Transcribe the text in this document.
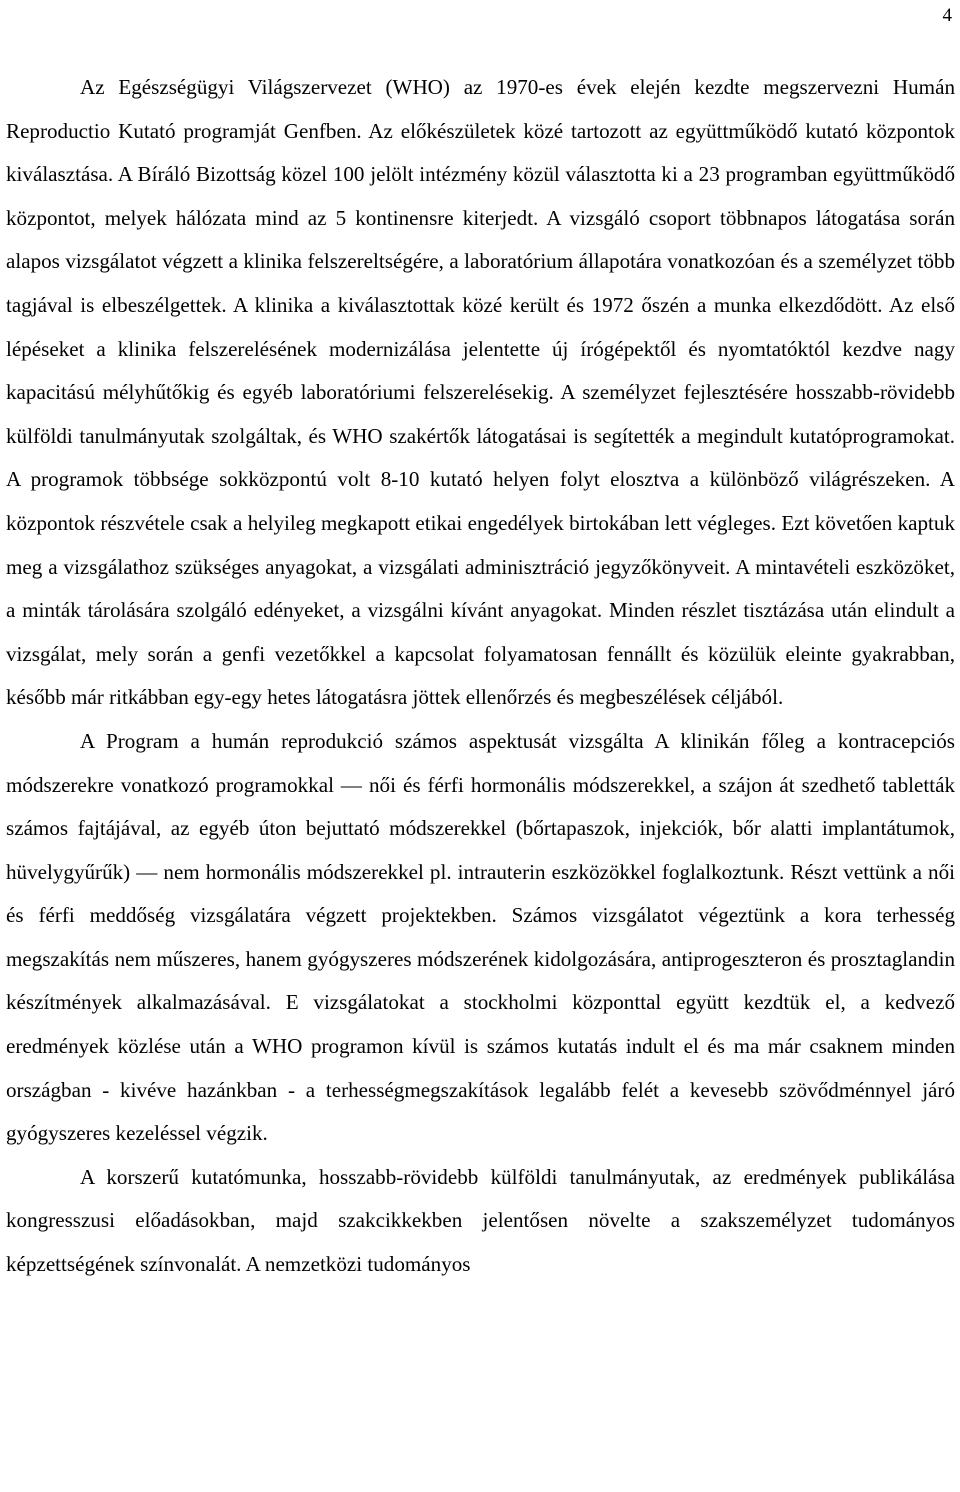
4

Az Egészségügyi Világszervezet (WHO) az 1970-es évek elején kezdte megszervezni Humán Reproductio Kutató programját Genfben. Az előkészületek közé tartozott az együttműködő kutató központok kiválasztása. A Bíráló Bizottság közel 100 jelölt intézmény közül választotta ki a 23 programban együttműködő központot, melyek hálózata mind az 5 kontinensre kiterjedt. A vizsgáló csoport többnapos látogatása során alapos vizsgálatot végzett a klinika felszereltségére, a laboratórium állapotára vonatkozóan és a személyzet több tagjával is elbeszélgettek. A klinika a kiválasztottak közé került és 1972 őszén a munka elkezdődött. Az első lépéseket a klinika felszerelésének modernizálása jelentette új írógépektől és nyomtatóktól kezdve nagy kapacitású mélyhűtőkig és egyéb laboratóriumi felszerelésekig. A személyzet fejlesztésére hosszabb-rövidebb külföldi tanulmányutak szolgáltak, és WHO szakértők látogatásai is segítették a megindult kutatóprogramokat. A programok többsége sokközpontú volt 8-10 kutató helyen folyt elosztva a különböző világrészeken. A központok részvétele csak a helyileg megkapott etikai engedélyek birtokában lett végleges. Ezt követően kaptuk meg a vizsgálathoz szükséges anyagokat, a vizsgálati adminisztráció jegyzőkönyveit. A mintavételi eszközöket, a minták tárolására szolgáló edényeket, a vizsgálni kívánt anyagokat. Minden részlet tisztázása után elindult a vizsgálat, mely során a genfi vezetőkkel a kapcsolat folyamatosan fennállt és közülük eleinte gyakrabban, később már ritkábban egy-egy hetes látogatásra jöttek ellenőrzés és megbeszélések céljából.

A Program a humán reprodukció számos aspektusát vizsgálta A klinikán főleg a kontracepciós módszerekre vonatkozó programokkal — női és férfi hormonális módszerekkel, a szájon át szedhető tabletták számos fajtájával, az egyéb úton bejuttató módszerekkel (bőrtapaszok, injekciók, bőr alatti implantátumok, hüvelygyűrűk) — nem hormonális módszerekkel pl. intrauterin eszközökkel foglalkoztunk. Részt vettünk a női és férfi meddőség vizsgálatára végzett projektekben. Számos vizsgálatot végeztünk a kora terhesség megszakítás nem műszeres, hanem gyógyszeres módszerének kidolgozására, antiprogeszteron és prosztaglandin készítmények alkalmazásával. E vizsgálatokat a stockholmi központtal együtt kezdtük el, a kedvező eredmények közlése után a WHO programon kívül is számos kutatás indult el és ma már csaknem minden országban - kivéve hazánkban - a terhességmegszakítások legalább felét a kevesebb szövődménnyel járó gyógyszeres kezeléssel végzik.

A korszerű kutatómunka, hosszabb-rövidebb külföldi tanulmányutak, az eredmények publikálása kongresszusi előadásokban, majd szakcikkekben jelentősen növelte a szakszemélyzet tudományos képzettségének színvonalát. A nemzetközi tudományos
